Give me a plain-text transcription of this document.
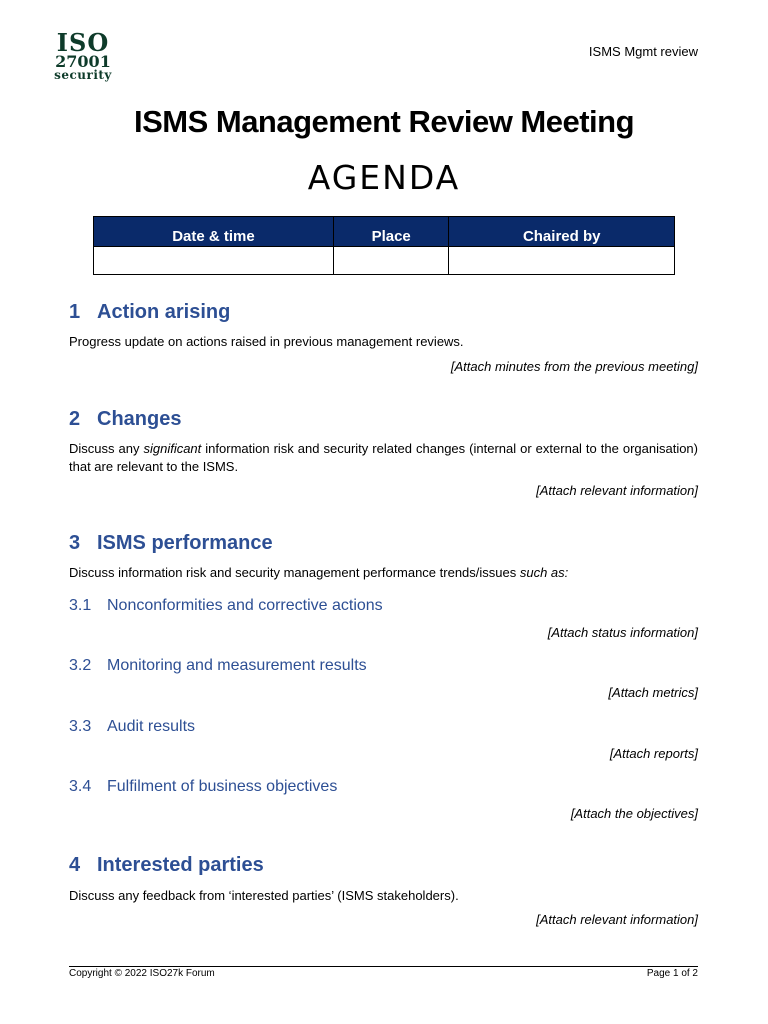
ISO
27001
security
ISMS Mgmt review
ISMS Management Review Meeting
AGENDA
Date & time	Place	Chaired by

1 Action arising
Progress update on actions raised in previous management reviews.
[Attach minutes from the previous meeting]
2 Changes
Discuss any significant information risk and security related changes (internal or external to the organisation) that are relevant to the ISMS.
[Attach relevant information]
3 ISMS performance
Discuss information risk and security management performance trends/issues such as:
3.1 Nonconformities and corrective actions
[Attach status information]
3.2 Monitoring and measurement results
[Attach metrics]
3.3 Audit results
[Attach reports]
3.4 Fulfilment of business objectives
[Attach the objectives]
4 Interested parties
Discuss any feedback from ‘interested parties’ (ISMS stakeholders).
[Attach relevant information]
Copyright © 2022 ISO27k Forum	Page 1 of 2
